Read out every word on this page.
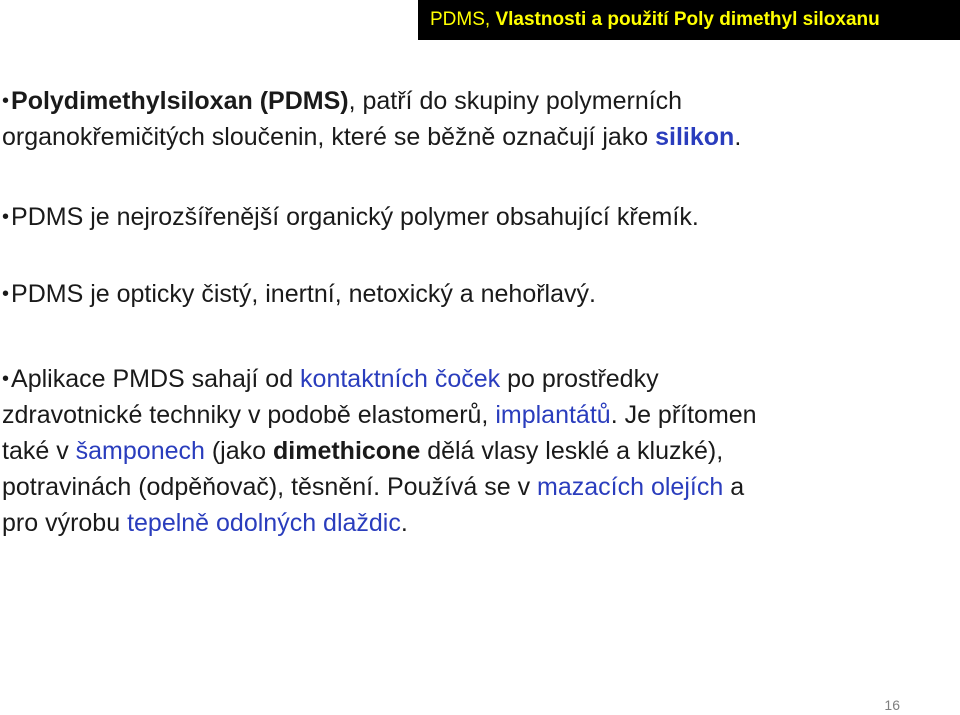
PDMS, Vlastnosti a použití Poly dimethyl siloxanu
•Polydimethylsiloxan (PDMS), patří do skupiny polymerních
organokřemičitých sloučenin, které se běžně označují jako silikon.
•PDMS je nejrozšířenější organický polymer obsahující křemík.
•PDMS je opticky čistý, inertní, netoxický a nehořlavý.
•Aplikace PMDS sahají od kontaktních čoček po prostředky
zdravotnické techniky v podobě elastomerů, implantátů. Je přítomen
také v šamponech (jako dimethicone dělá vlasy lesklé a kluzké),
potravinách (odpěňovač), těsnění. Používá se v mazacích olejích a
pro výrobu tepelně odolných dlaždic.
16
